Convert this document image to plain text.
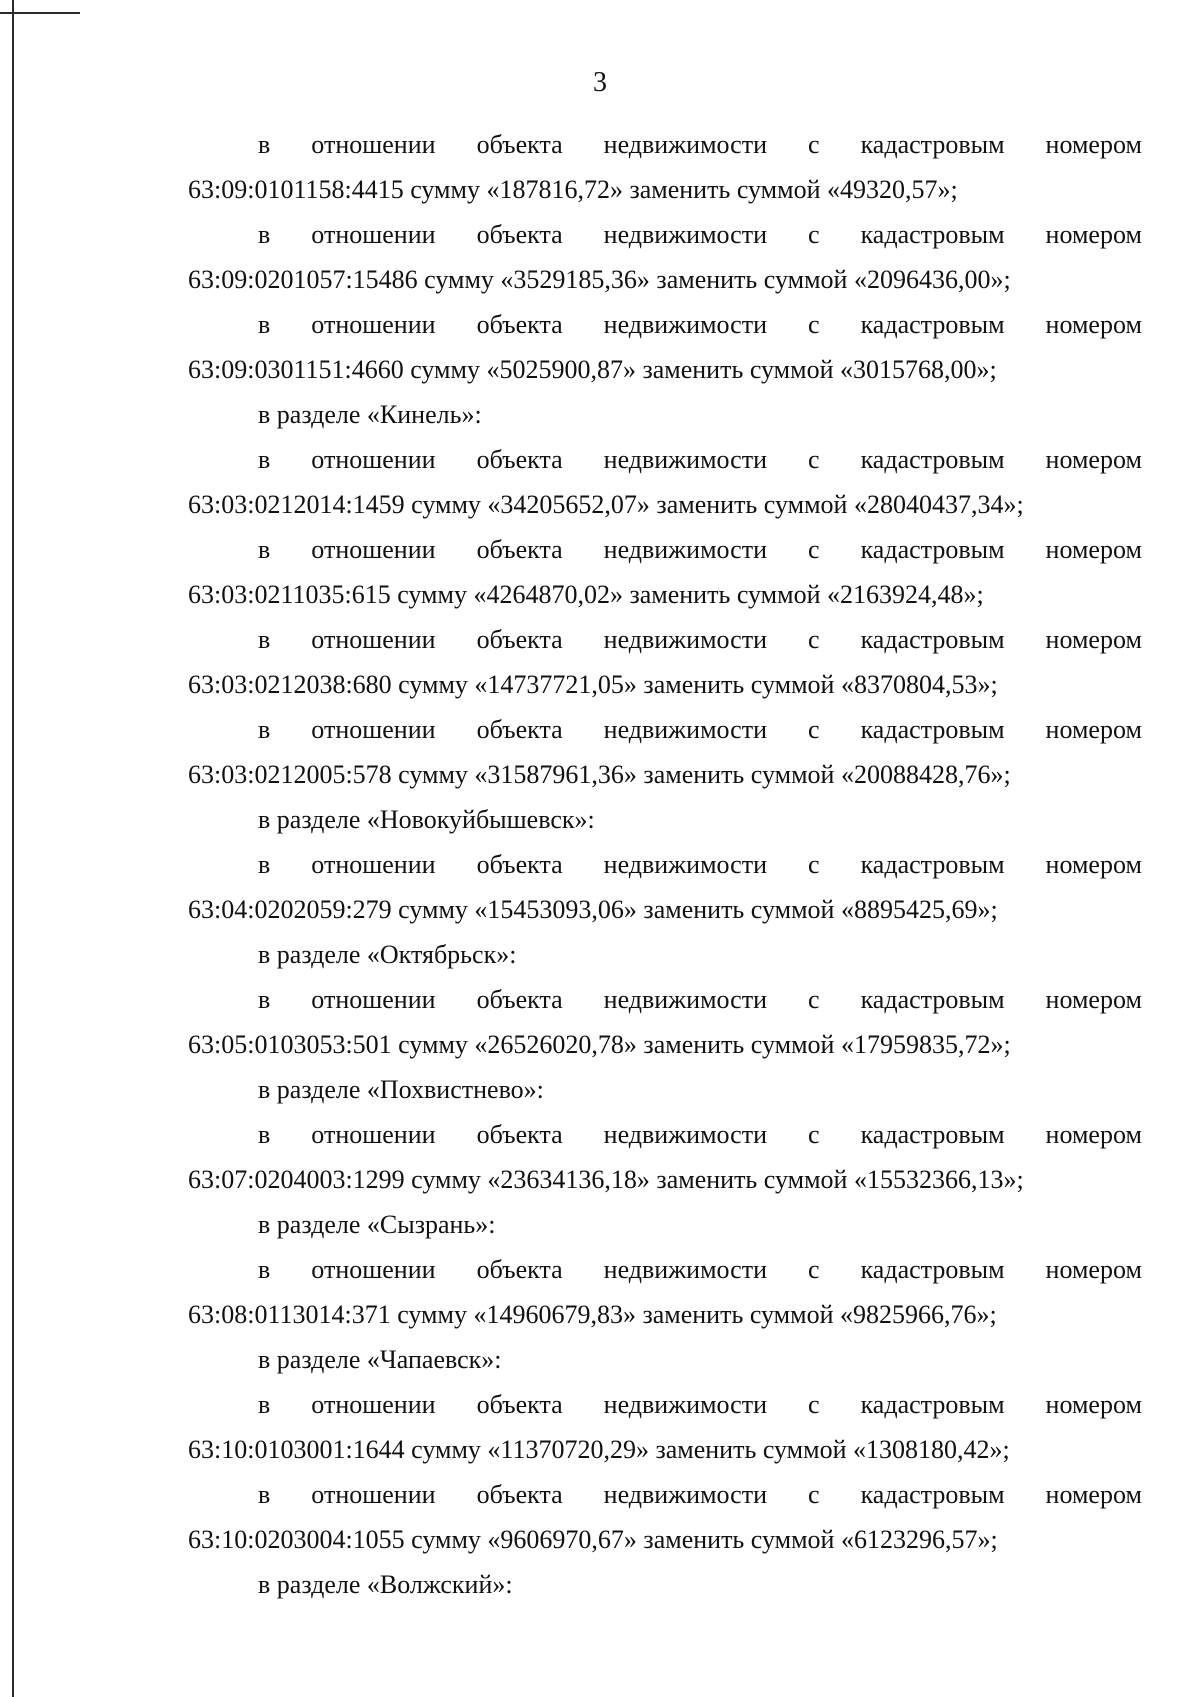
3
в отношении объекта недвижимости с кадастровым номером
63:09:0101158:4415 сумму «187816,72» заменить суммой «49320,57»;
в отношении объекта недвижимости с кадастровым номером
63:09:0201057:15486 сумму «3529185,36» заменить суммой «2096436,00»;
в отношении объекта недвижимости с кадастровым номером
63:09:0301151:4660 сумму «5025900,87» заменить суммой «3015768,00»;
в разделе «Кинель»:
в отношении объекта недвижимости с кадастровым номером
63:03:0212014:1459 сумму «34205652,07» заменить суммой «28040437,34»;
в отношении объекта недвижимости с кадастровым номером
63:03:0211035:615 сумму «4264870,02» заменить суммой «2163924,48»;
в отношении объекта недвижимости с кадастровым номером
63:03:0212038:680 сумму «14737721,05» заменить суммой «8370804,53»;
в отношении объекта недвижимости с кадастровым номером
63:03:0212005:578 сумму «31587961,36» заменить суммой «20088428,76»;
в разделе «Новокуйбышевск»:
в отношении объекта недвижимости с кадастровым номером
63:04:0202059:279 сумму «15453093,06» заменить суммой «8895425,69»;
в разделе «Октябрьск»:
в отношении объекта недвижимости с кадастровым номером
63:05:0103053:501 сумму «26526020,78» заменить суммой «17959835,72»;
в разделе «Похвистнево»:
в отношении объекта недвижимости с кадастровым номером
63:07:0204003:1299 сумму «23634136,18» заменить суммой «15532366,13»;
в разделе «Сызрань»:
в отношении объекта недвижимости с кадастровым номером
63:08:0113014:371 сумму «14960679,83» заменить суммой «9825966,76»;
в разделе «Чапаевск»:
в отношении объекта недвижимости с кадастровым номером
63:10:0103001:1644 сумму «11370720,29» заменить суммой «1308180,42»;
в отношении объекта недвижимости с кадастровым номером
63:10:0203004:1055 сумму «9606970,67» заменить суммой «6123296,57»;
в разделе «Волжский»:
